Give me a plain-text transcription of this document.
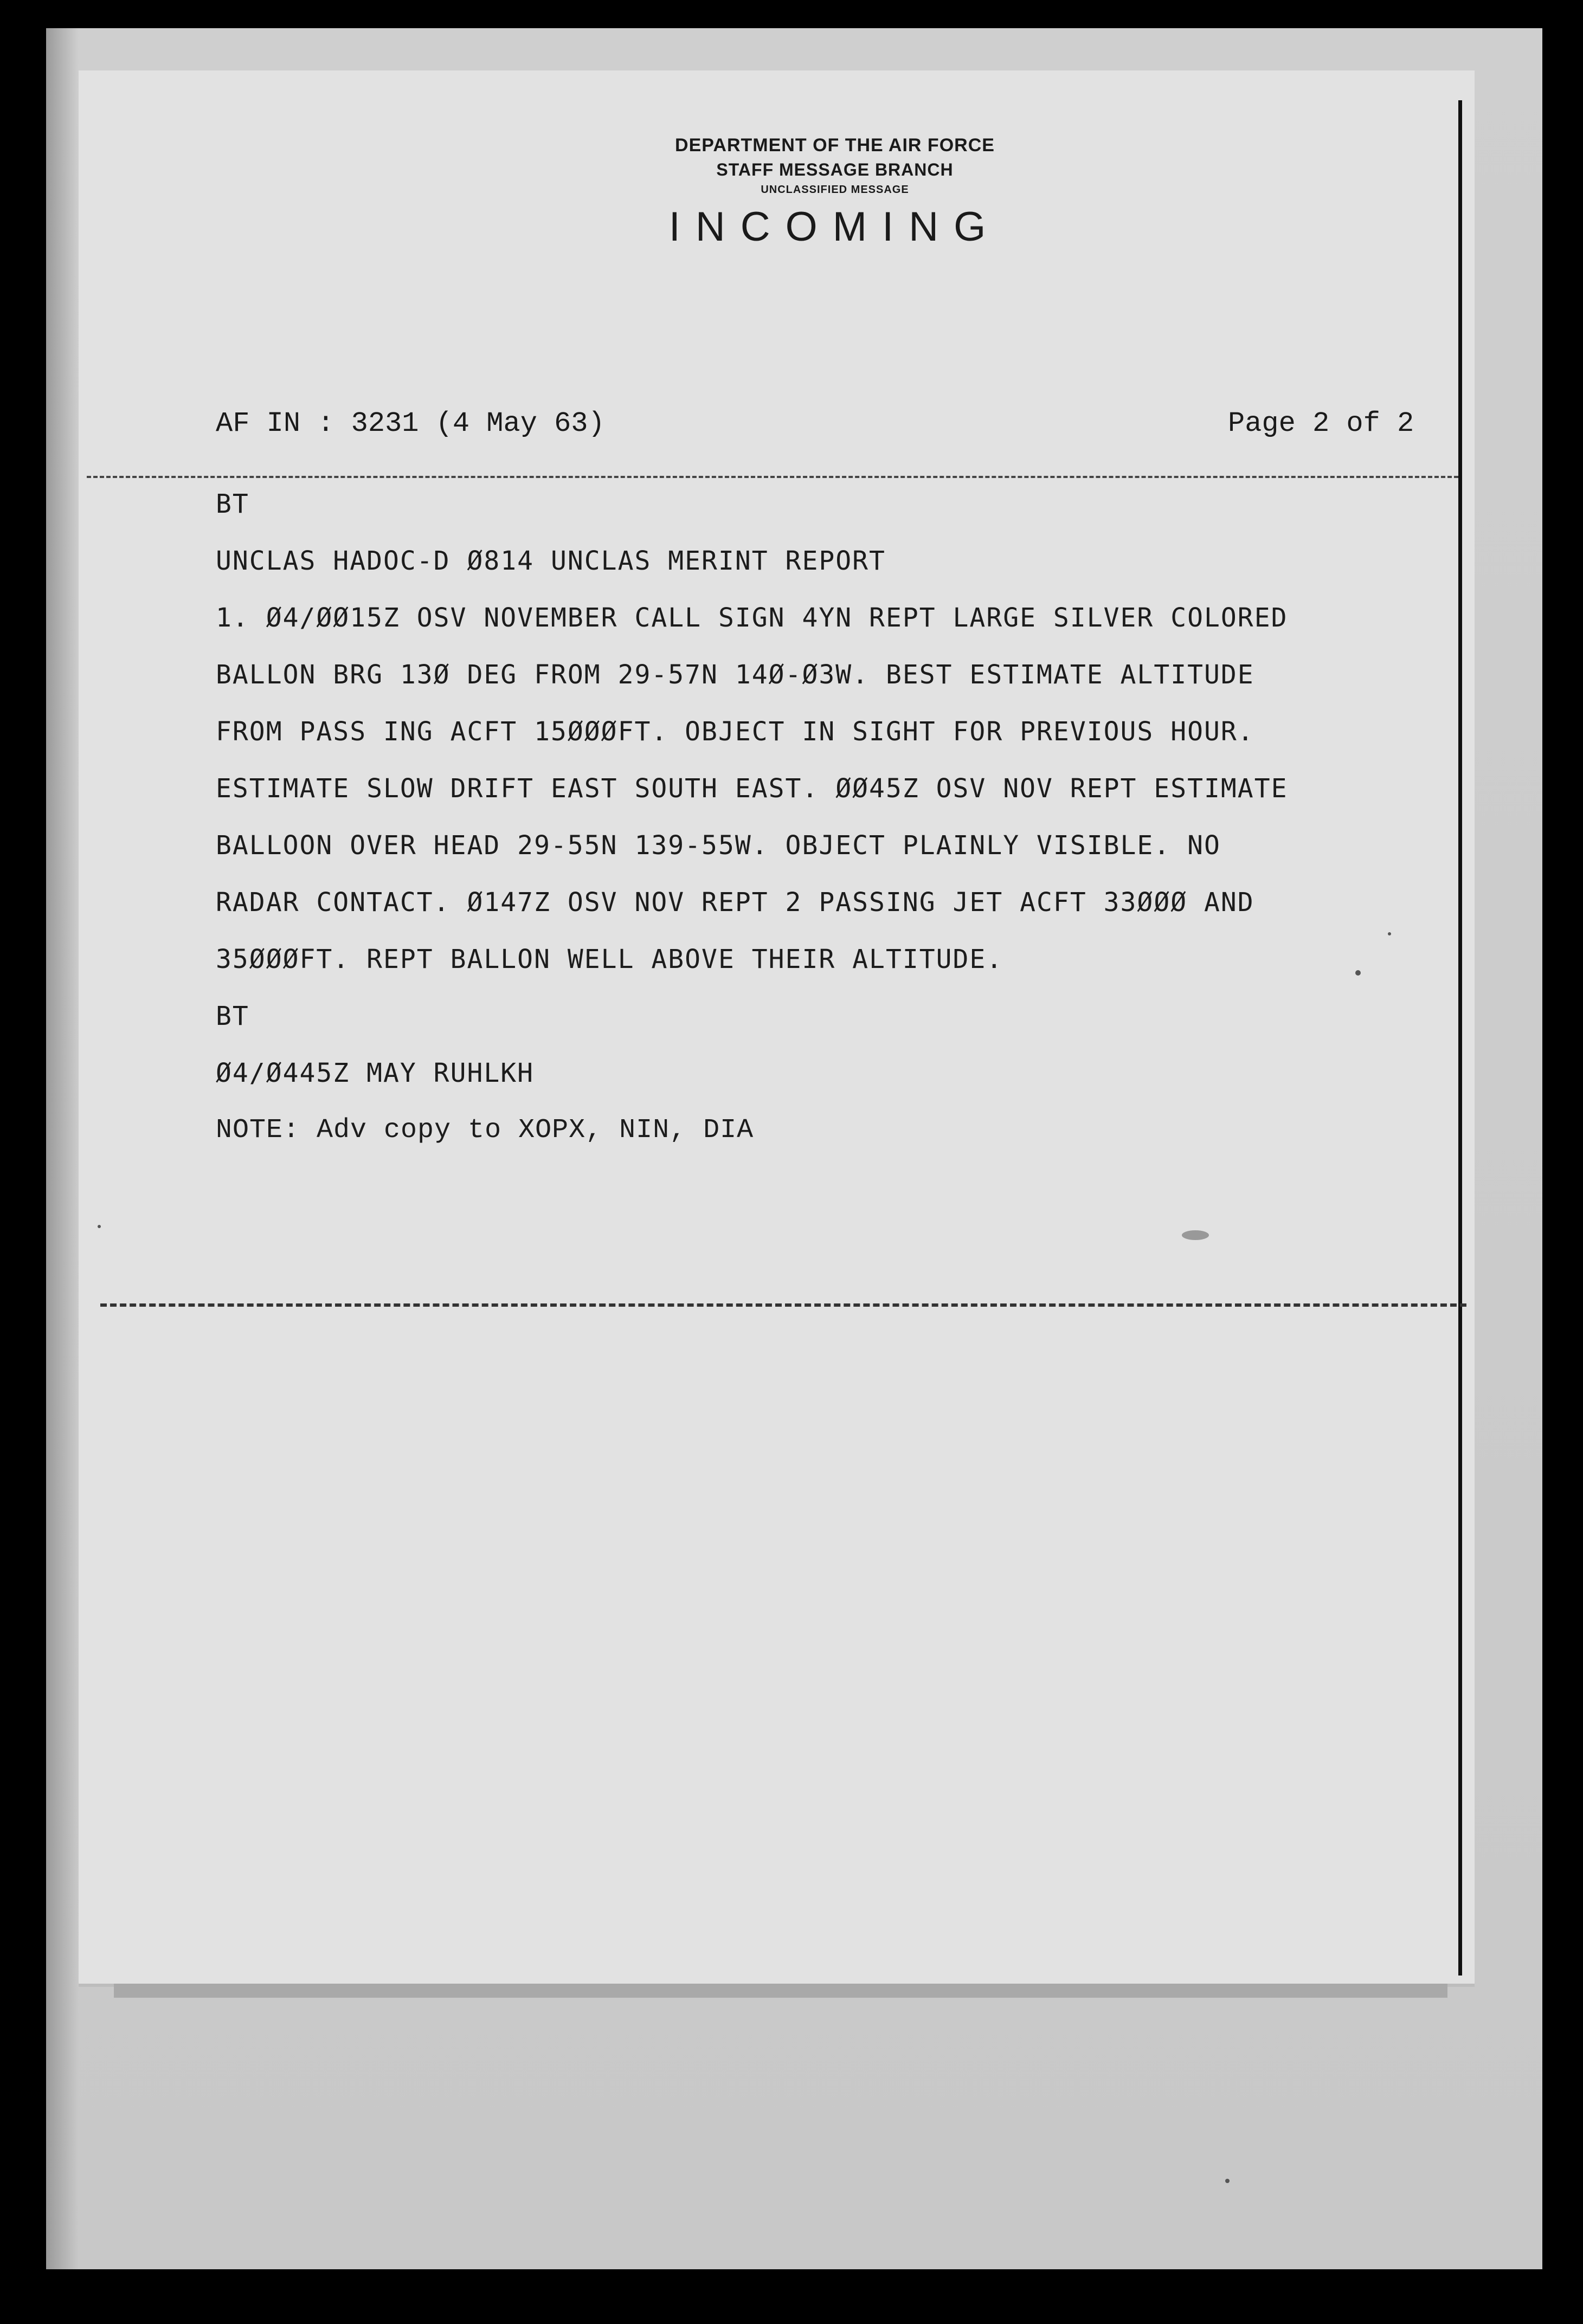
DEPARTMENT OF THE AIR FORCE
STAFF MESSAGE BRANCH
UNCLASSIFIED MESSAGE
INCOMING
AF IN : 3231 (4 May 63)	Page 2 of 2
BT
UNCLAS HADOC-D Ø814 UNCLAS MERINT REPORT
1. Ø4/ØØ15Z OSV NOVEMBER CALL SIGN 4YN REPT LARGE SILVER COLORED
BALLON BRG 13Ø DEG FROM 29-57N 14Ø-Ø3W. BEST ESTIMATE ALTITUDE
FROM PASS ING ACFT 15ØØØFT. OBJECT IN SIGHT FOR PREVIOUS HOUR.
ESTIMATE SLOW DRIFT EAST SOUTH EAST. ØØ45Z OSV NOV REPT ESTIMATE
BALLOON OVER HEAD 29-55N 139-55W. OBJECT PLAINLY VISIBLE. NO
RADAR CONTACT. Ø147Z OSV NOV REPT 2 PASSING JET ACFT 33ØØØ AND
35ØØØFT. REPT BALLON WELL ABOVE THEIR ALTITUDE.
BT
Ø4/Ø445Z MAY RUHLKH
NOTE: Adv copy to XOPX, NIN, DIA
